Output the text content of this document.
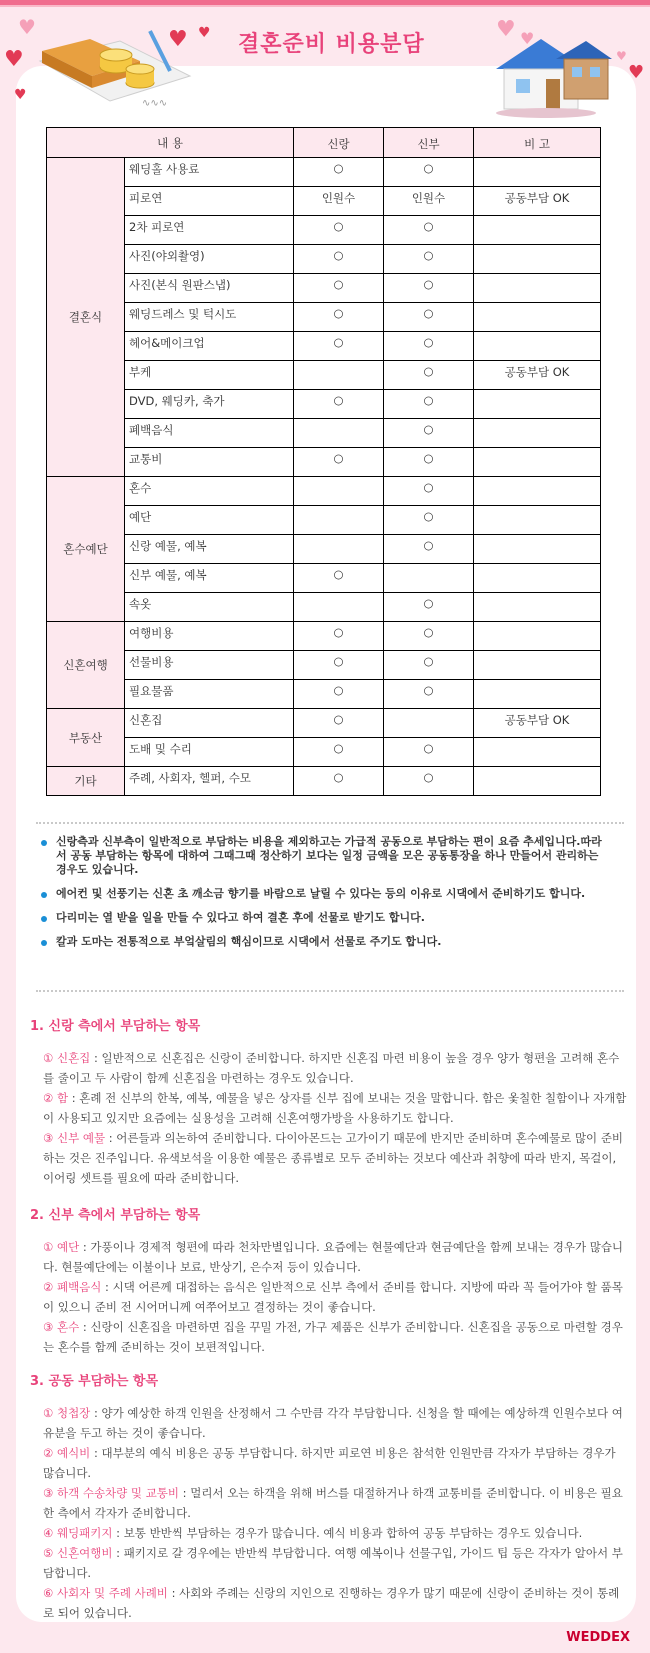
♥
♥
♥
♥ ♥	♥ ♥
♥
♥
∿∿∿
결혼준비 비용분담
내 용		신랑	신부	비 고
결혼식	웨딩홀 사용료	○	○	

	피로연	인원수	인원수	공동부담 OK

	2차 피로연	○	○	

	사진(야외촬영)	○	○	

	사진(본식 원판스냅)	○	○	

	웨딩드레스 및 턱시도	○	○	

	헤어&메이크업	○	○	

	부케		○	공동부담 OK

	DVD, 웨딩카, 축가	○	○	

	폐백음식		○	

	교통비	○	○	
혼수예단	혼수		○	

	예단		○	

	신랑 예물, 예복		○	

	신부 예물, 예복	○		

	속옷		○	
신혼여행	여행비용	○	○	

	선물비용	○	○	

	필요물품	○	○	
부동산	신혼집	○		공동부담 OK

	도배 및 수리	○	○	
기타	주례, 사회자, 헬퍼, 수모	○	○	
신랑측과 신부측이 일반적으로 부담하는 비용을 제외하고는 가급적 공동으로 부담하는 편이 요즘 추세입니다.따라서 공동 부담하는 항목에 대하여 그때그때 정산하기 보다는 일정 금액을 모은 공동통장을 하나 만들어서 관리하는 경우도 있습니다.
에어컨 및 선풍기는 신혼 초 깨소금 향기를 바람으로 날릴 수 있다는 등의 이유로 시댁에서 준비하기도 합니다.
다리미는 열 받을 일을 만들 수 있다고 하여 결혼 후에 선물로 받기도 합니다.
칼과 도마는 전통적으로 부엌살림의 핵심이므로 시댁에서 선물로 주기도 합니다.
1. 신랑 측에서 부담하는 항목
① 신혼집 : 일반적으로 신혼집은 신랑이 준비합니다. 하지만 신혼집 마련 비용이 높을 경우 양가 형편을 고려해 혼수를 줄이고 두 사람이 함께 신혼집을 마련하는 경우도 있습니다.
② 함 : 혼례 전 신부의 한복, 예복, 예물을 넣은 상자를 신부 집에 보내는 것을 말합니다. 함은 옻칠한 칠함이나 자개함이 사용되고 있지만 요즘에는 실용성을 고려해 신혼여행가방을 사용하기도 합니다.
③ 신부 예물 : 어른들과 의논하여 준비합니다. 다이아몬드는 고가이기 때문에 반지만 준비하며 혼수예물로 많이 준비하는 것은 진주입니다. 유색보석을 이용한 예물은 종류별로 모두 준비하는 것보다 예산과 취향에 따라 반지, 목걸이, 이어링 셋트를 필요에 따라 준비합니다.
2. 신부 측에서 부담하는 항목
① 예단 : 가풍이나 경제적 형편에 따라 천차만별입니다. 요즘에는 현물예단과 현금예단을 함께 보내는 경우가 많습니다. 현물예단에는 이불이나 보료, 반상기, 은수저 등이 있습니다.
② 폐백음식 : 시댁 어른께 대접하는 음식은 일반적으로 신부 측에서 준비를 합니다. 지방에 따라 꼭 들어가야 할 품목이 있으니 준비 전 시어머니께 여쭈어보고 결정하는 것이 좋습니다.
③ 혼수 : 신랑이 신혼집을 마련하면 집을 꾸밀 가전, 가구 제품은 신부가 준비합니다. 신혼집을 공동으로 마련할 경우는 혼수를 함께 준비하는 것이 보편적입니다.
3. 공동 부담하는 항목
① 청첩장 : 양가 예상한 하객 인원을 산정해서 그 수만큼 각각 부담합니다. 신청을 할 때에는 예상하객 인원수보다 여유분을 두고 하는 것이 좋습니다.
② 예식비 : 대부분의 예식 비용은 공동 부담합니다. 하지만 피로연 비용은 참석한 인원만큼 각자가 부담하는 경우가 많습니다.
③ 하객 수송차량 및 교통비 : 멀리서 오는 하객을 위해 버스를 대절하거나 하객 교통비를 준비합니다. 이 비용은 필요한 측에서 각자가 준비합니다.
④ 웨딩패키지 : 보통 반반씩 부담하는 경우가 많습니다. 예식 비용과 합하여 공동 부담하는 경우도 있습니다.
⑤ 신혼여행비 : 패키지로 갈 경우에는 반반씩 부담합니다. 여행 예복이나 선물구입, 가이드 팁 등은 각자가 알아서 부담합니다.
⑥ 사회자 및 주례 사례비 : 사회와 주례는 신랑의 지인으로 진행하는 경우가 많기 때문에 신랑이 준비하는 것이 통례로 되어 있습니다.
WEDDEX
